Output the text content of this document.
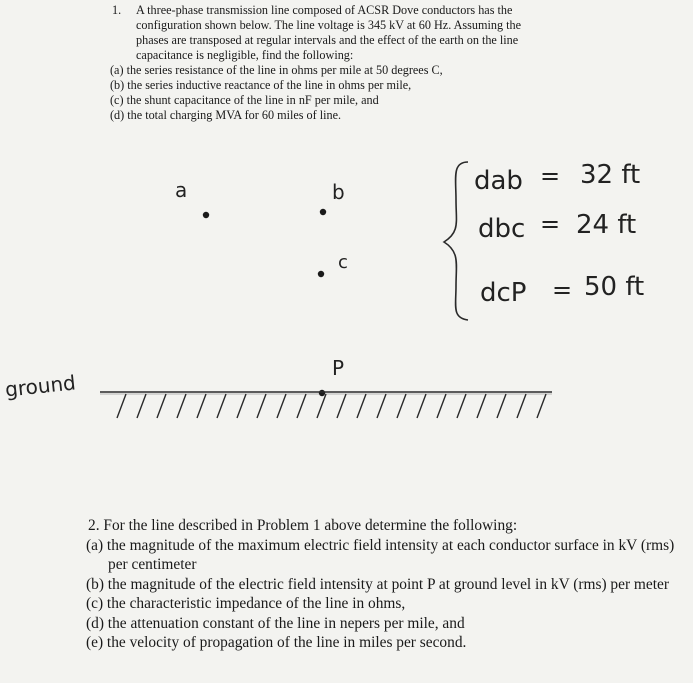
1. A three-phase transmission line composed of ACSR Dove conductors has the
configuration shown below. The line voltage is 345 kV at 60 Hz. Assuming the
phases are transposed at regular intervals and the effect of the earth on the line
capacitance is negligible, find the following:
(a) the series resistance of the line in ohms per mile at 50 degrees C,
(b) the series inductive reactance of the line in ohms per mile,
(c) the shunt capacitance of the line in nF per mile, and
(d) the total charging MVA for 60 miles of line.
a	b
c
P
ground
dab = 32 ft
dbc = 24 ft
dcP = 50 ft
2. For the line described in Problem 1 above determine the following:
(a) the magnitude of the maximum electric field intensity at each conductor surface in kV (rms) per centimeter
(b) the magnitude of the electric field intensity at point P at ground level in kV (rms) per meter
(c) the characteristic impedance of the line in ohms,
(d) the attenuation constant of the line in nepers per mile, and
(e) the velocity of propagation of the line in miles per second.
